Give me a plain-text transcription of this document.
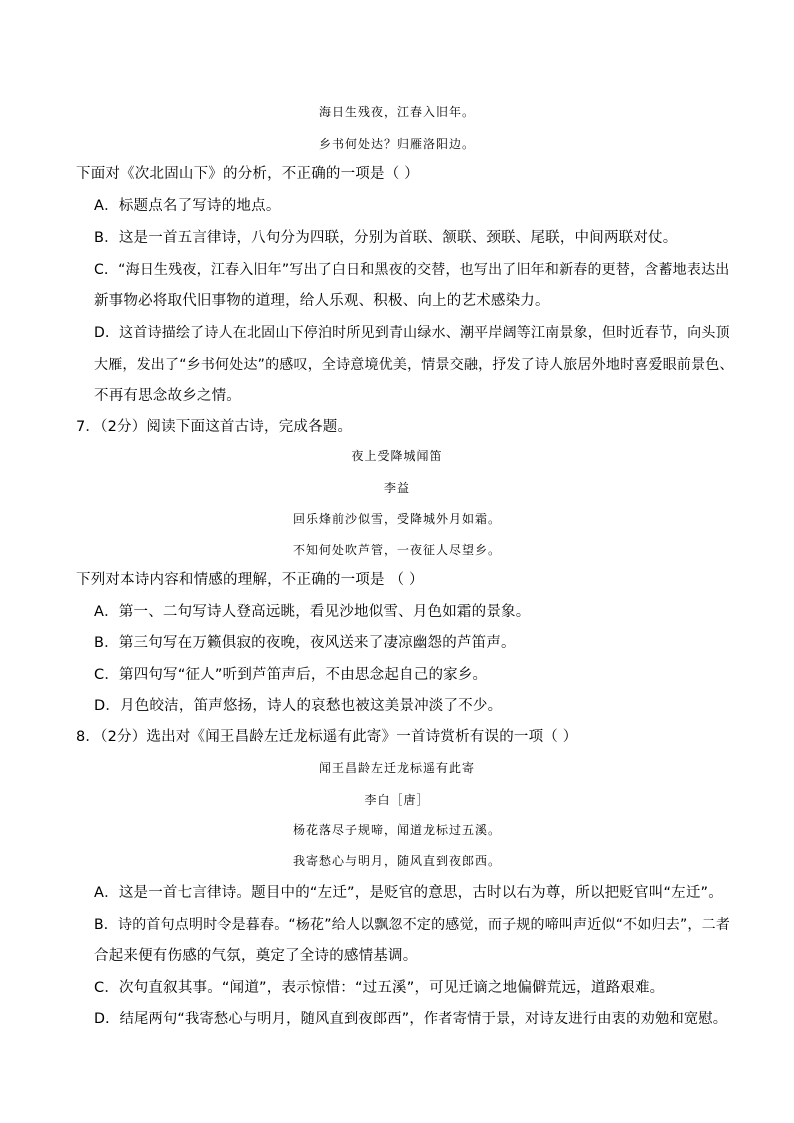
海日生残夜，江春入旧年。
乡书何处达？归雁洛阳边。
下面对《次北固山下》的分析，不正确的一项是（ ）
A．标题点名了写诗的地点。
B．这是一首五言律诗，八句分为四联，分别为首联、颔联、颈联、尾联，中间两联对仗。
C．“海日生残夜，江春入旧年”写出了白日和黑夜的交替，也写出了旧年和新春的更替，含蓄地表达出
新事物必将取代旧事物的道理，给人乐观、积极、向上的艺术感染力。
D．这首诗描绘了诗人在北固山下停泊时所见到青山绿水、潮平岸阔等江南景象，但时近春节，向头顶
大雁，发出了“乡书何处达”的感叹，全诗意境优美，情景交融，抒发了诗人旅居外地时喜爱眼前景色、
不再有思念故乡之情。
7．（2分）阅读下面这首古诗，完成各题。
夜上受降城闻笛
李益
回乐烽前沙似雪，受降城外月如霜。
不知何处吹芦管，一夜征人尽望乡。
下列对本诗内容和情感的理解，不正确的一项是 （ ）
A．第一、二句写诗人登高远眺，看见沙地似雪、月色如霜的景象。
B．第三句写在万籁俱寂的夜晚，夜风送来了凄凉幽怨的芦笛声。
C．第四句写“征人”听到芦笛声后，不由思念起自己的家乡。
D．月色皎洁，笛声悠扬，诗人的哀愁也被这美景冲淡了不少。
8．（2分）选出对《闻王昌龄左迁龙标遥有此寄》一首诗赏析有误的一项（ ）
闻王昌龄左迁龙标遥有此寄
李白［唐］
杨花落尽子规啼，闻道龙标过五溪。
我寄愁心与明月，随风直到夜郎西。
A．这是一首七言律诗。题目中的“左迁”，是贬官的意思，古时以右为尊，所以把贬官叫“左迁”。
B．诗的首句点明时令是暮春。“杨花”给人以飘忽不定的感觉，而子规的啼叫声近似“不如归去”，二者
合起来便有伤感的气氛，奠定了全诗的感情基调。
C．次句直叙其事。“闻道”，表示惊惜：“过五溪”，可见迁谪之地偏僻荒远，道路艰难。
D．结尾两句“我寄愁心与明月，随风直到夜郎西”，作者寄情于景，对诗友进行由衷的劝勉和宽慰。
